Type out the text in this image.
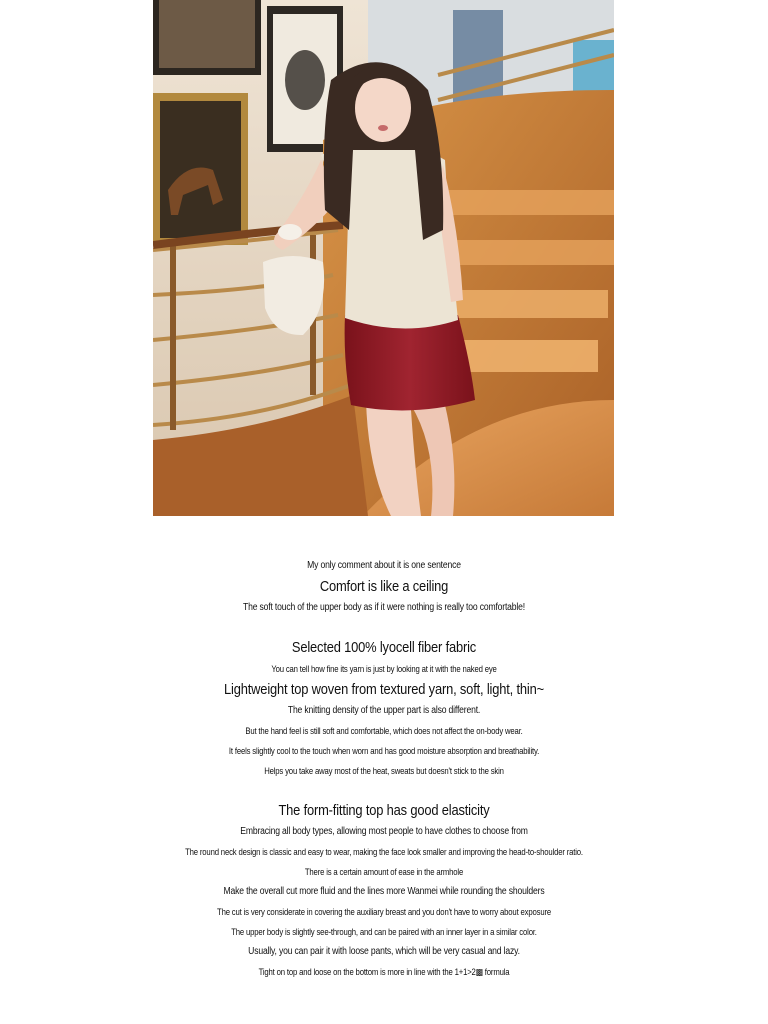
My only comment about it is one sentence
Comfort is like a ceiling
The soft touch of the upper body as if it were nothing is really too comfortable!
Selected 100% lyocell fiber fabric
You can tell how fine its yarn is just by looking at it with the naked eye
Lightweight top woven from textured yarn, soft, light, thin~
The knitting density of the upper part is also different.
But the hand feel is still soft and comfortable, which does not affect the on-body wear.
It feels slightly cool to the touch when worn and has good moisture absorption and breathability.
Helps you take away most of the heat, sweats but doesn't stick to the skin
The form-fitting top has good elasticity
Embracing all body types, allowing most people to have clothes to choose from
The round neck design is classic and easy to wear, making the face look smaller and improving the head-to-shoulder ratio.
There is a certain amount of ease in the armhole
Make the overall cut more fluid and the lines more Wanmei while rounding the shoulders
The cut is very considerate in covering the auxiliary breast and you don't have to worry about exposure
The upper body is slightly see-through, and can be paired with an inner layer in a similar color.
Usually, you can pair it with loose pants, which will be very casual and lazy.
Tight on top and loose on the bottom is more in line with the 1+1>2▩ formula
